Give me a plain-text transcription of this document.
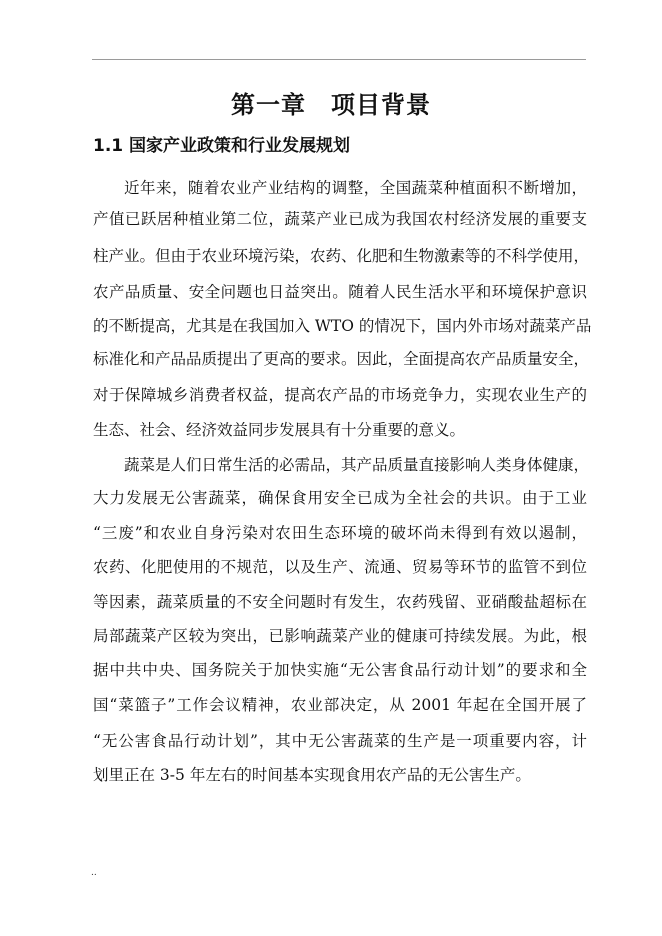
第一章　项目背景
1.1 国家产业政策和行业发展规划
近年来，随着农业产业结构的调整，全国蔬菜种植面积不断增加，
产值已跃居种植业第二位，蔬菜产业已成为我国农村经济发展的重要支
柱产业。但由于农业环境污染，农药、化肥和生物激素等的不科学使用，
农产品质量、安全问题也日益突出。随着人民生活水平和环境保护意识
的不断提高，尤其是在我国加入 WTO 的情况下，国内外市场对蔬菜产品
标准化和产品品质提出了更高的要求。因此，全面提高农产品质量安全，
对于保障城乡消费者权益，提高农产品的市场竞争力，实现农业生产的
生态、社会、经济效益同步发展具有十分重要的意义。
蔬菜是人们日常生活的必需品，其产品质量直接影响人类身体健康，
大力发展无公害蔬菜，确保食用安全已成为全社会的共识。由于工业
“三废”和农业自身污染对农田生态环境的破坏尚未得到有效以遏制，
农药、化肥使用的不规范，以及生产、流通、贸易等环节的监管不到位
等因素，蔬菜质量的不安全问题时有发生，农药残留、亚硝酸盐超标在
局部蔬菜产区较为突出，已影响蔬菜产业的健康可持续发展。为此，根
据中共中央、国务院关于加快实施“无公害食品行动计划”的要求和全
国“菜篮子”工作会议精神，农业部决定，从 2001 年起在全国开展了
“无公害食品行动计划”，其中无公害蔬菜的生产是一项重要内容，计
划里正在 3-5 年左右的时间基本实现食用农产品的无公害生产。
..
